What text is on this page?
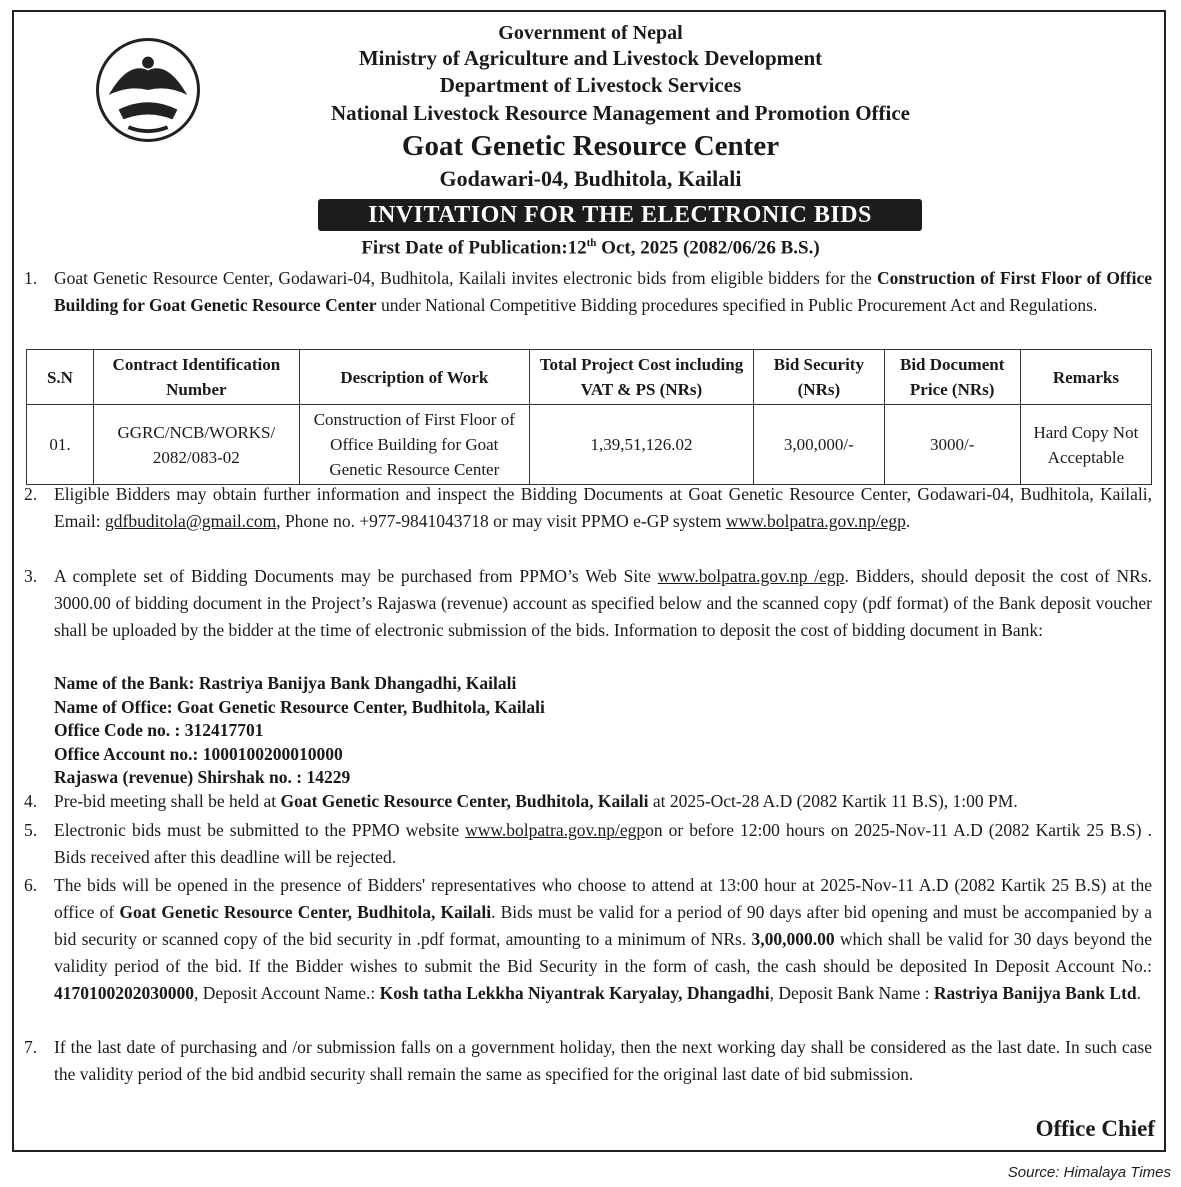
Government of Nepal
Ministry of Agriculture and Livestock Development
Department of Livestock Services
National Livestock Resource Management and Promotion Office
Goat Genetic Resource Center
Godawari-04, Budhitola, Kailali
INVITATION FOR THE ELECTRONIC BIDS
First Date of Publication:12th Oct, 2025 (2082/06/26 B.S.)
1. Goat Genetic Resource Center, Godawari-04, Budhitola, Kailali invites electronic bids from eligible bidders for the Construction of First Floor of Office Building for Goat Genetic Resource Center under National Competitive Bidding procedures specified in Public Procurement Act and Regulations.
S.N	Contract Identification Number	Description of Work	Total Project Cost including VAT & PS (NRs)	Bid Security (NRs)	Bid Document Price (NRs)	Remarks
01.	GGRC/NCB/WORKS/ 2082/083-02	Construction of First Floor of Office Building for Goat Genetic Resource Center	1,39,51,126.02	3,00,000/-	3000/-	Hard Copy Not Acceptable
2. Eligible Bidders may obtain further information and inspect the Bidding Documents at Goat Genetic Resource Center, Godawari-04, Budhitola, Kailali, Email: gdfbuditola@gmail.com, Phone no. +977-9841043718 or may visit PPMO e-GP system www.bolpatra.gov.np/egp.
3. A complete set of Bidding Documents may be purchased from PPMO’s Web Site www.bolpatra.gov.np /egp. Bidders, should deposit the cost of NRs. 3000.00 of bidding document in the Project’s Rajaswa (revenue) account as specified below and the scanned copy (pdf format) of the Bank deposit voucher shall be uploaded by the bidder at the time of electronic submission of the bids. Information to deposit the cost of bidding document in Bank:
Name of the Bank: Rastriya Banijya Bank Dhangadhi, Kailali
Name of Office: Goat Genetic Resource Center, Budhitola, Kailali
Office Code no. : 312417701
Office Account no.: 1000100200010000
Rajaswa (revenue) Shirshak no. : 14229
4. Pre-bid meeting shall be held at Goat Genetic Resource Center, Budhitola, Kailali at 2025-Oct-28 A.D (2082 Kartik 11 B.S), 1:00 PM.
5. Electronic bids must be submitted to the PPMO website www.bolpatra.gov.np/egpon or before 12:00 hours on 2025-Nov-11 A.D (2082 Kartik 25 B.S) . Bids received after this deadline will be rejected.
6. The bids will be opened in the presence of Bidders' representatives who choose to attend at 13:00 hour at 2025-Nov-11 A.D (2082 Kartik 25 B.S) at the office of Goat Genetic Resource Center, Budhitola, Kailali. Bids must be valid for a period of 90 days after bid opening and must be accompanied by a bid security or scanned copy of the bid security in .pdf format, amounting to a minimum of NRs. 3,00,000.00 which shall be valid for 30 days beyond the validity period of the bid. If the Bidder wishes to submit the Bid Security in the form of cash, the cash should be deposited In Deposit Account No.: 4170100202030000, Deposit Account Name.: Kosh tatha Lekkha Niyantrak Karyalay, Dhangadhi, Deposit Bank Name : Rastriya Banijya Bank Ltd.
7. If the last date of purchasing and /or submission falls on a government holiday, then the next working day shall be considered as the last date. In such case the validity period of the bid andbid security shall remain the same as specified for the original last date of bid submission.
Office Chief
Source: Himalaya Times
